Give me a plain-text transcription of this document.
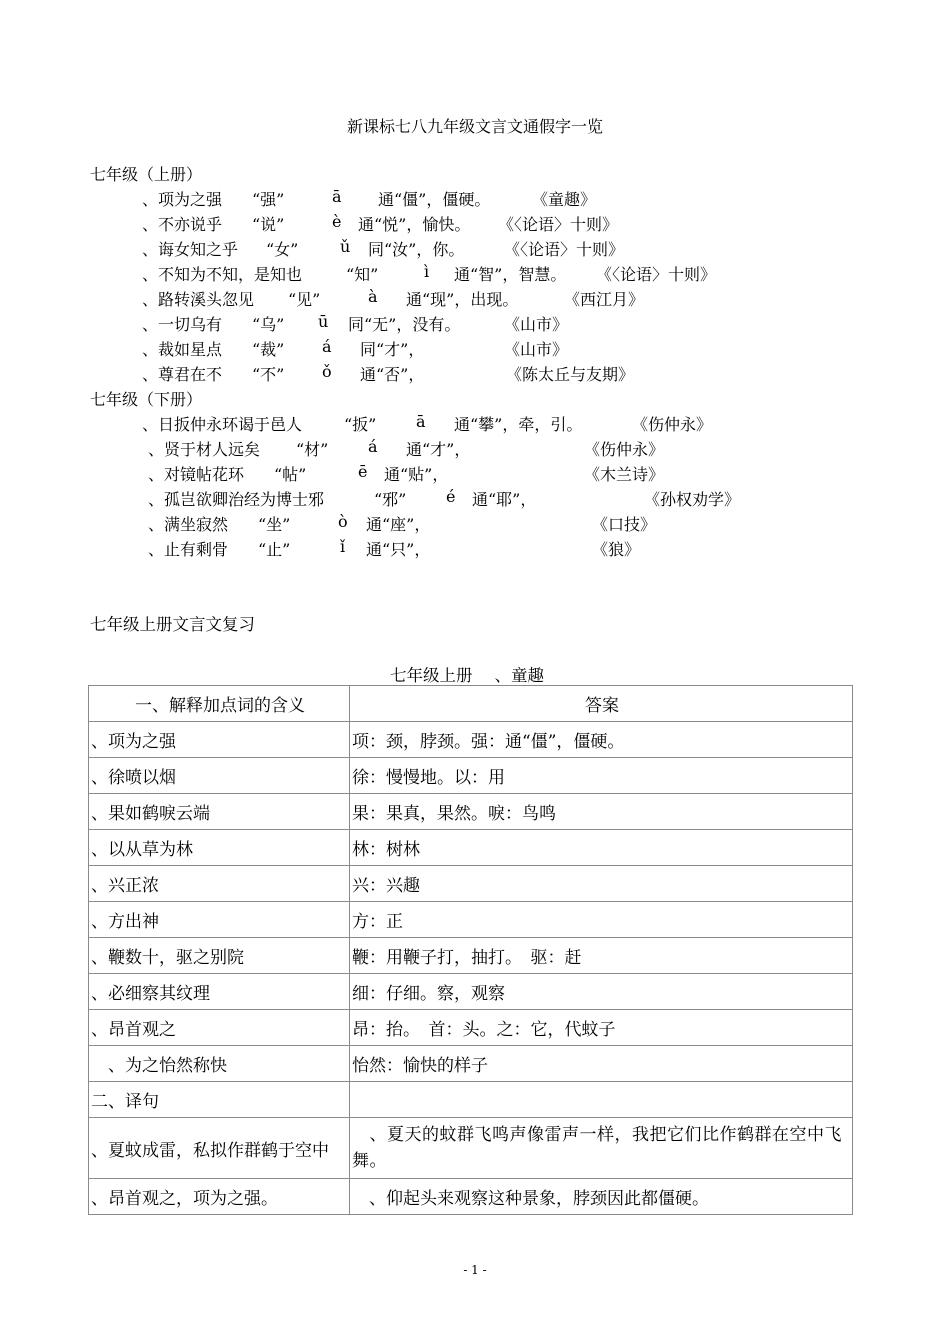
新课标七八九年级文言文通假字一览
七年级（上册）
、项为之强 “强”	ā 通“僵”，僵硬。	《童趣》
、不亦说乎 “说”	è 通“悦”，愉快。 《〈论语〉十则》
、诲女知之乎 “女”	ǔ 同“汝”，你。 《〈论语〉十则》
、不知为不知，是知也	“知”	ì 通“智”，智慧。 《〈论语〉十则》
、路转溪头忽见 “见”	à 通“现”，出现。	《西江月》
、一切乌有 “乌” ū 同“无”，没有。	《山市》
、裁如星点 “裁” á 同“才”，	《山市》
、尊君在不 “不” ǒ 通“否”，	《陈太丘与友期》
七年级（下册）
、日扳仲永环谒于邑人	“扳” ā 通“攀”，牵，引。	《伤仲永》
、贤于材人远矣 “材” á 通“才”，	《伤仲永》
、对镜帖花环 “帖”	ē 通“贴”，	《木兰诗》
、孤岂欲卿治经为博士邪	“邪” é 通“耶”，	《孙权劝学》
、满坐寂然 “坐”	ò 通“座”，	《口技》
、止有剩骨 “止”	ǐ 通“只”，	《狼》
七年级上册文言文复习
七年级上册 、童趣
一、解释加点词的含义	答案
、项为之强	项：颈，脖颈。强：通“僵”，僵硬。
、徐喷以烟	徐：慢慢地。以：用
、果如鹤唳云端	果：果真，果然。唳：鸟鸣
、以从草为林	林：树林
、兴正浓	兴：兴趣
、方出神	方：正
、鞭数十，驱之别院	鞭：用鞭子打，抽打。　驱：赶
、必细察其纹理	细：仔细。察，观察
、昂首观之	昂：抬。　首：头。之：它，代蚊子
　、为之怡然称快	怡然：愉快的样子
二、译句	
、夏蚊成雷，私拟作群鹤于空中	　、夏天的蚊群飞鸣声像雷声一样，我把它们比作鹤群在空中飞舞。

、昂首观之，项为之强。	　、仰起头来观察这种景象，脖颈因此都僵硬。
- 1 -
